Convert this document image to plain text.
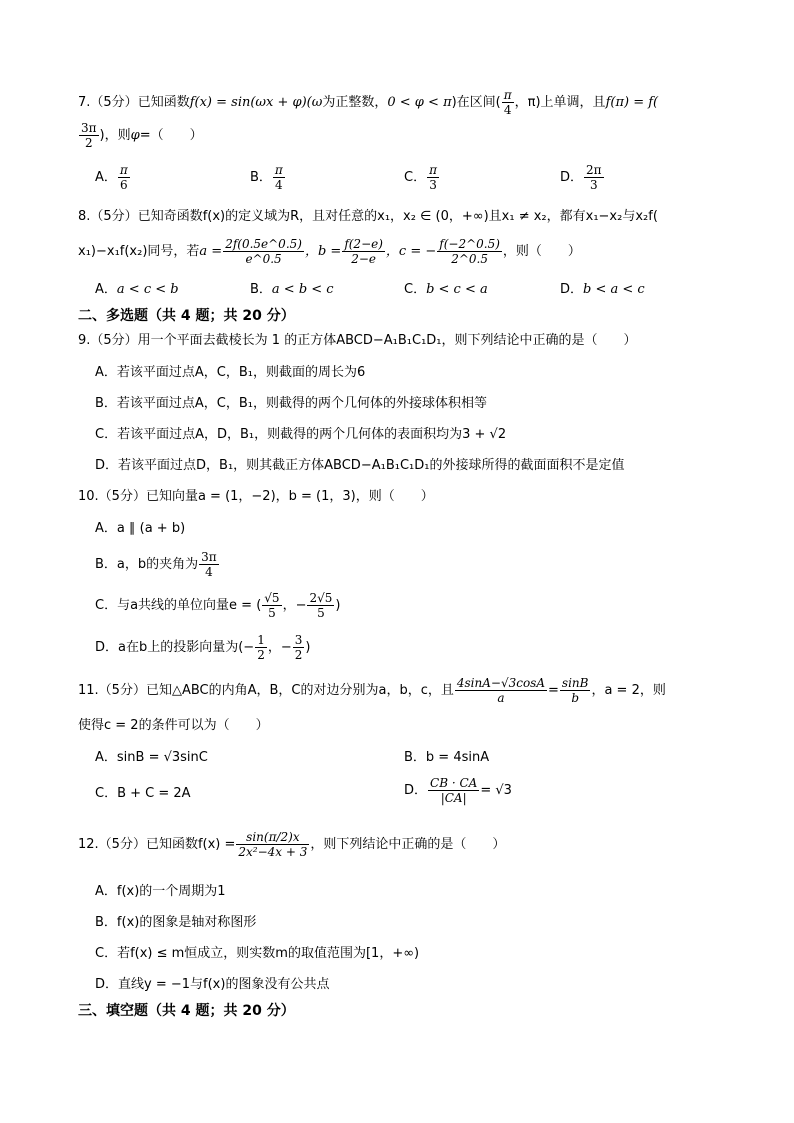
7.（5分）已知函数f(x) = sin(ωx + φ)(ω为正整数，0 < φ < π)在区间( $\frac{\pi}{4}$ ，π)上单调，且f(π) = f(
$\frac{3\pi}{2}$ )，则φ=（　　）
A． $\frac{\pi}{6}$	B． $\frac{\pi}{4}$	C． $\frac{\pi}{3}$	D． $\frac{2\pi}{3}$
8.（5分）已知奇函数f(x)的定义域为R，且对任意的x₁，x₂ ∈ (0，+∞)且x₁ ≠ x₂，都有x₁−x₂与x₂f(
x₁)−x₁f(x₂)同号，若$a = \frac{2f(0.5e\^{}0.5)}{e\^{}0.5}$ ，$b = \frac{f(2-e)}{2-e}$ ，c = − $\frac{f(-2\^{}0.5)}{2\^{}0.5}$ ，则（　　）
A．a < c < b	B．a < b < c	C．b < c < a	D．b < a < c
二、多选题（共 4 题；共 20 分）
9.（5分）用一个平面去截棱长为 1 的正方体ABCD−A₁B₁C₁D₁，则下列结论中正确的是（　　）
A．若该平面过点A，C，B₁，则截面的周长为6
B．若该平面过点A，C，B₁，则截得的两个几何体的外接球体积相等
C．若该平面过点A，D，B₁，则截得的两个几何体的表面积均为3 + √2
D．若该平面过点D，B₁，则其截正方体ABCD−A₁B₁C₁D₁的外接球所得的截面面积不是定值
10.（5分）已知向量a = (1，−2)，b = (1，3)，则（　　）
A．a ∥ (a + b)
B．a，b的夹角为 $\frac{3\pi}{4}$
C．与a共线的单位向量e = ( $\frac{√5}{5}$ ，− $\frac{2√5}{5}$ )
D．a在b上的投影向量为(− $\frac{1}{2}$ ，− $\frac{3}{2}$ )
11.（5分）已知△ABC的内角A，B，C的对边分别为a，b，c，且 $\frac{4\sin A-√3\cos A}{a} = \frac{\sin B}{b}$ ，a = 2，则
使得c = 2的条件可以为（　　）
A．sinB = √3sinC	B．b = 4sinA
C．B + C = 2A	D． $\frac{CB \cdot CA}{|CA|} = √3$
12.（5分）已知函数$f(x) = \frac{\sin(\pi/2)x}{\text{2x²−4x + 3}}$ ，则下列结论中正确的是（　　）
A．f(x)的一个周期为1
B．f(x)的图象是轴对称图形
C．若f(x) ≤ m恒成立，则实数m的取值范围为[1，+∞)
D．直线y = −1与f(x)的图象没有公共点
三、填空题（共 4 题；共 20 分）
